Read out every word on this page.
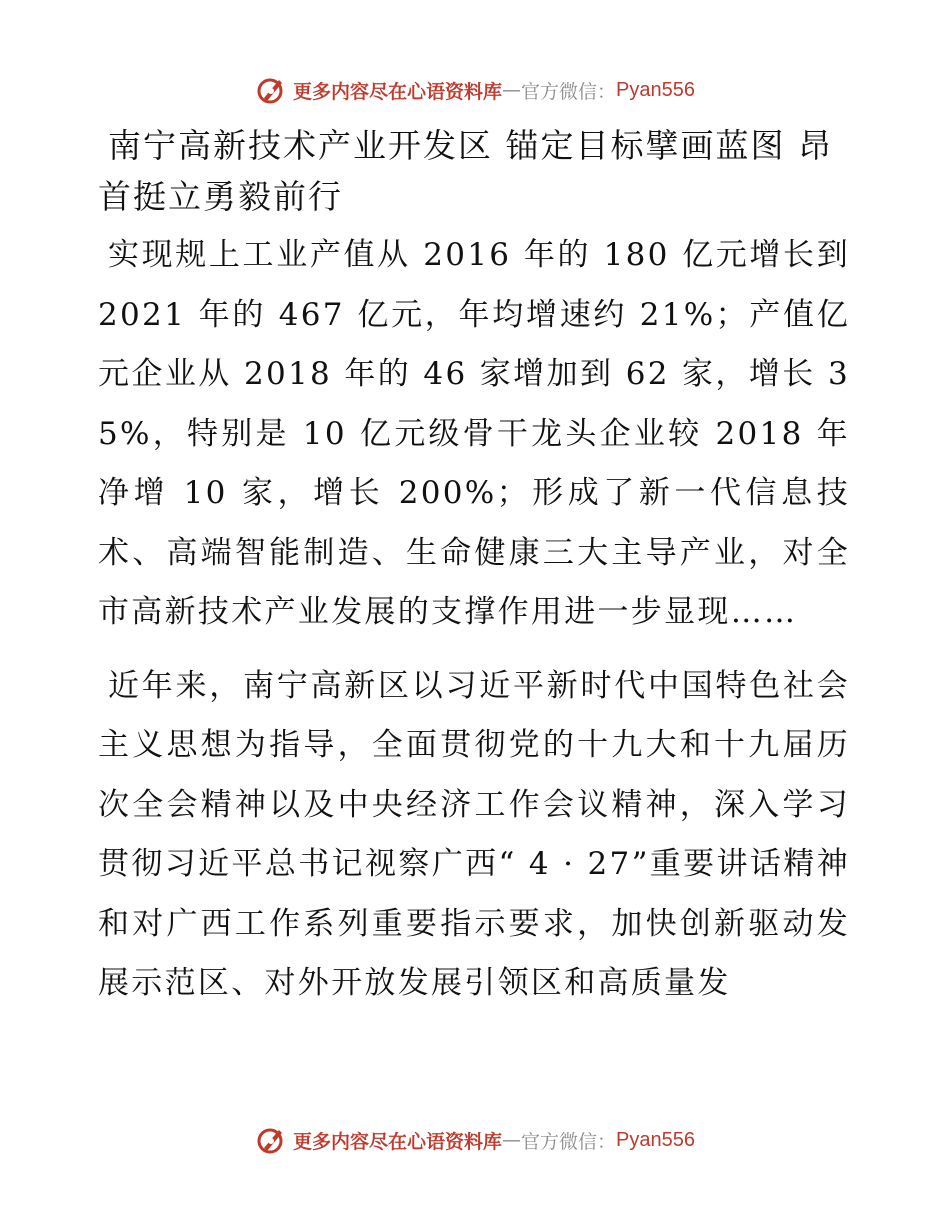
更多内容尽在心语资料库 — 官方微信： Pyan556
南宁高新技术产业开发区 锚定目标擘画蓝图 昂首挺立勇毅前行

实现规上工业产值从 2016 年的 180 亿元增长到 2021 年的 467 亿元，年均增速约 21%；产值亿元企业从 2018 年的 46 家增加到 62 家，增长 35%，特别是 10 亿元级骨干龙头企业较 2018 年净增 10 家，增长 200%；形成了新一代信息技术、高端智能制造、生命健康三大主导产业，对全市高新技术产业发展的支撑作用进一步显现……

近年来，南宁高新区以习近平新时代中国特色社会主义思想为指导，全面贯彻党的十九大和十九届历次全会精神以及中央经济工作会议精神，深入学习贯彻习近平总书记视察广西“ 4 · 27”重要讲话精神和对广西工作系列重要指示要求，加快创新驱动发展示范区、对外开放发展引领区和高质量发

更多内容尽在心语资料库 — 官方微信： Pyan556
